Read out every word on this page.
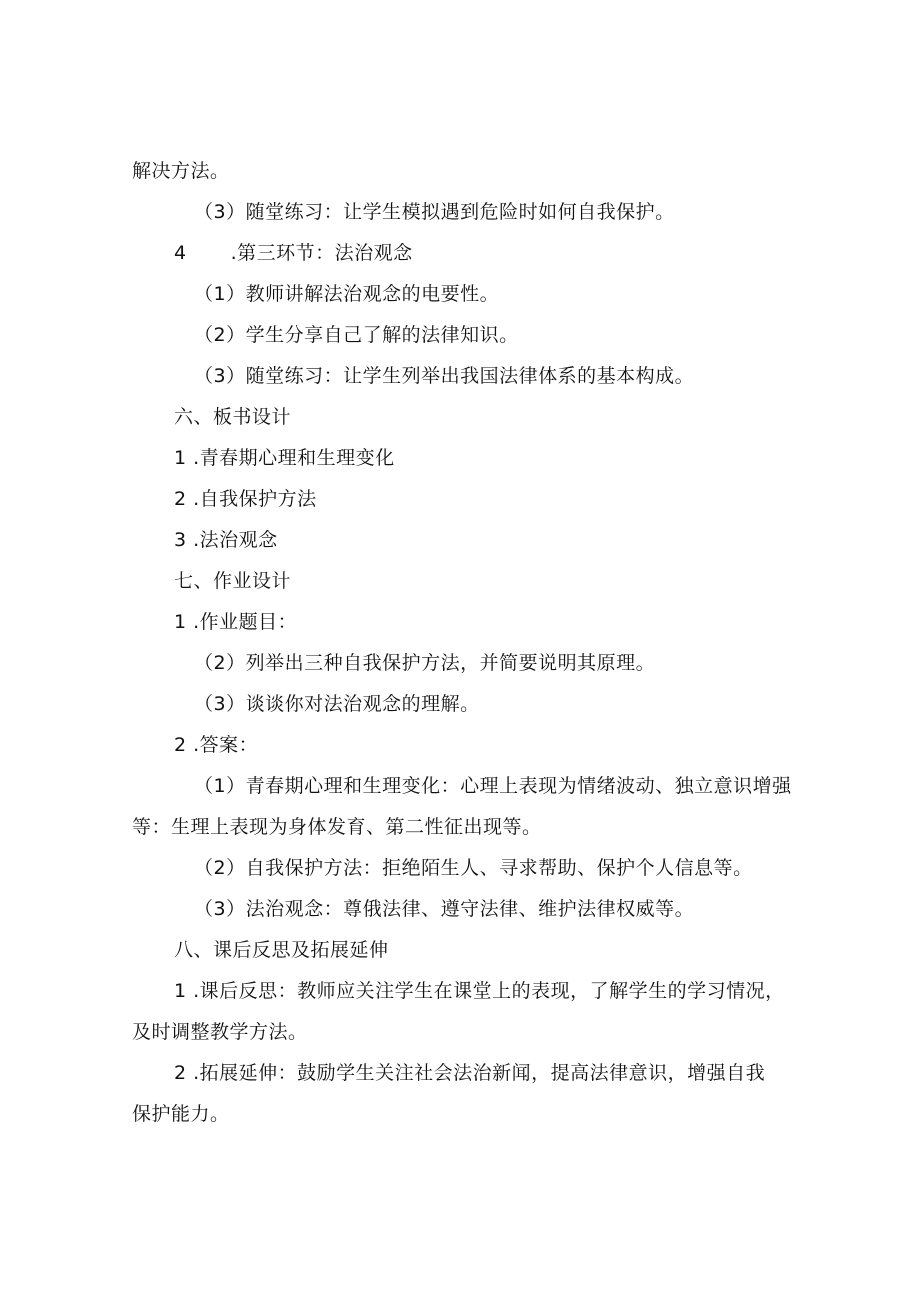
解决方法。
（3）随堂练习：让学生模拟遇到危险时如何自我保护。
4 .第三环节：法治观念
（1）教师讲解法治观念的电要性。
（2）学生分享自己了解的法律知识。
（3）随堂练习：让学生列举出我国法律体系的基本构成。
六、板书设计
1 .青春期心理和生理变化
2 .自我保护方法
3 .法治观念
七、作业设计
1 .作业题目：
（2）列举出三种自我保护方法，并简要说明其原理。
（3）谈谈你对法治观念的理解。
2 .答案：
（1）青春期心理和生理变化：心理上表现为情绪波动、独立意识增强
等：生理上表现为身体发育、第二性征出现等。
（2）自我保护方法：拒绝陌生人、寻求帮助、保护个人信息等。
（3）法治观念：尊俄法律、遵守法律、维护法律权威等。
八、课后反思及拓展延伸
1 .课后反思：教师应关注学生在课堂上的表现，了解学生的学习情况，
及时调整教学方法。
2 .拓展延伸：鼓励学生关注社会法治新闻，提高法律意识，增强自我
保护能力。
